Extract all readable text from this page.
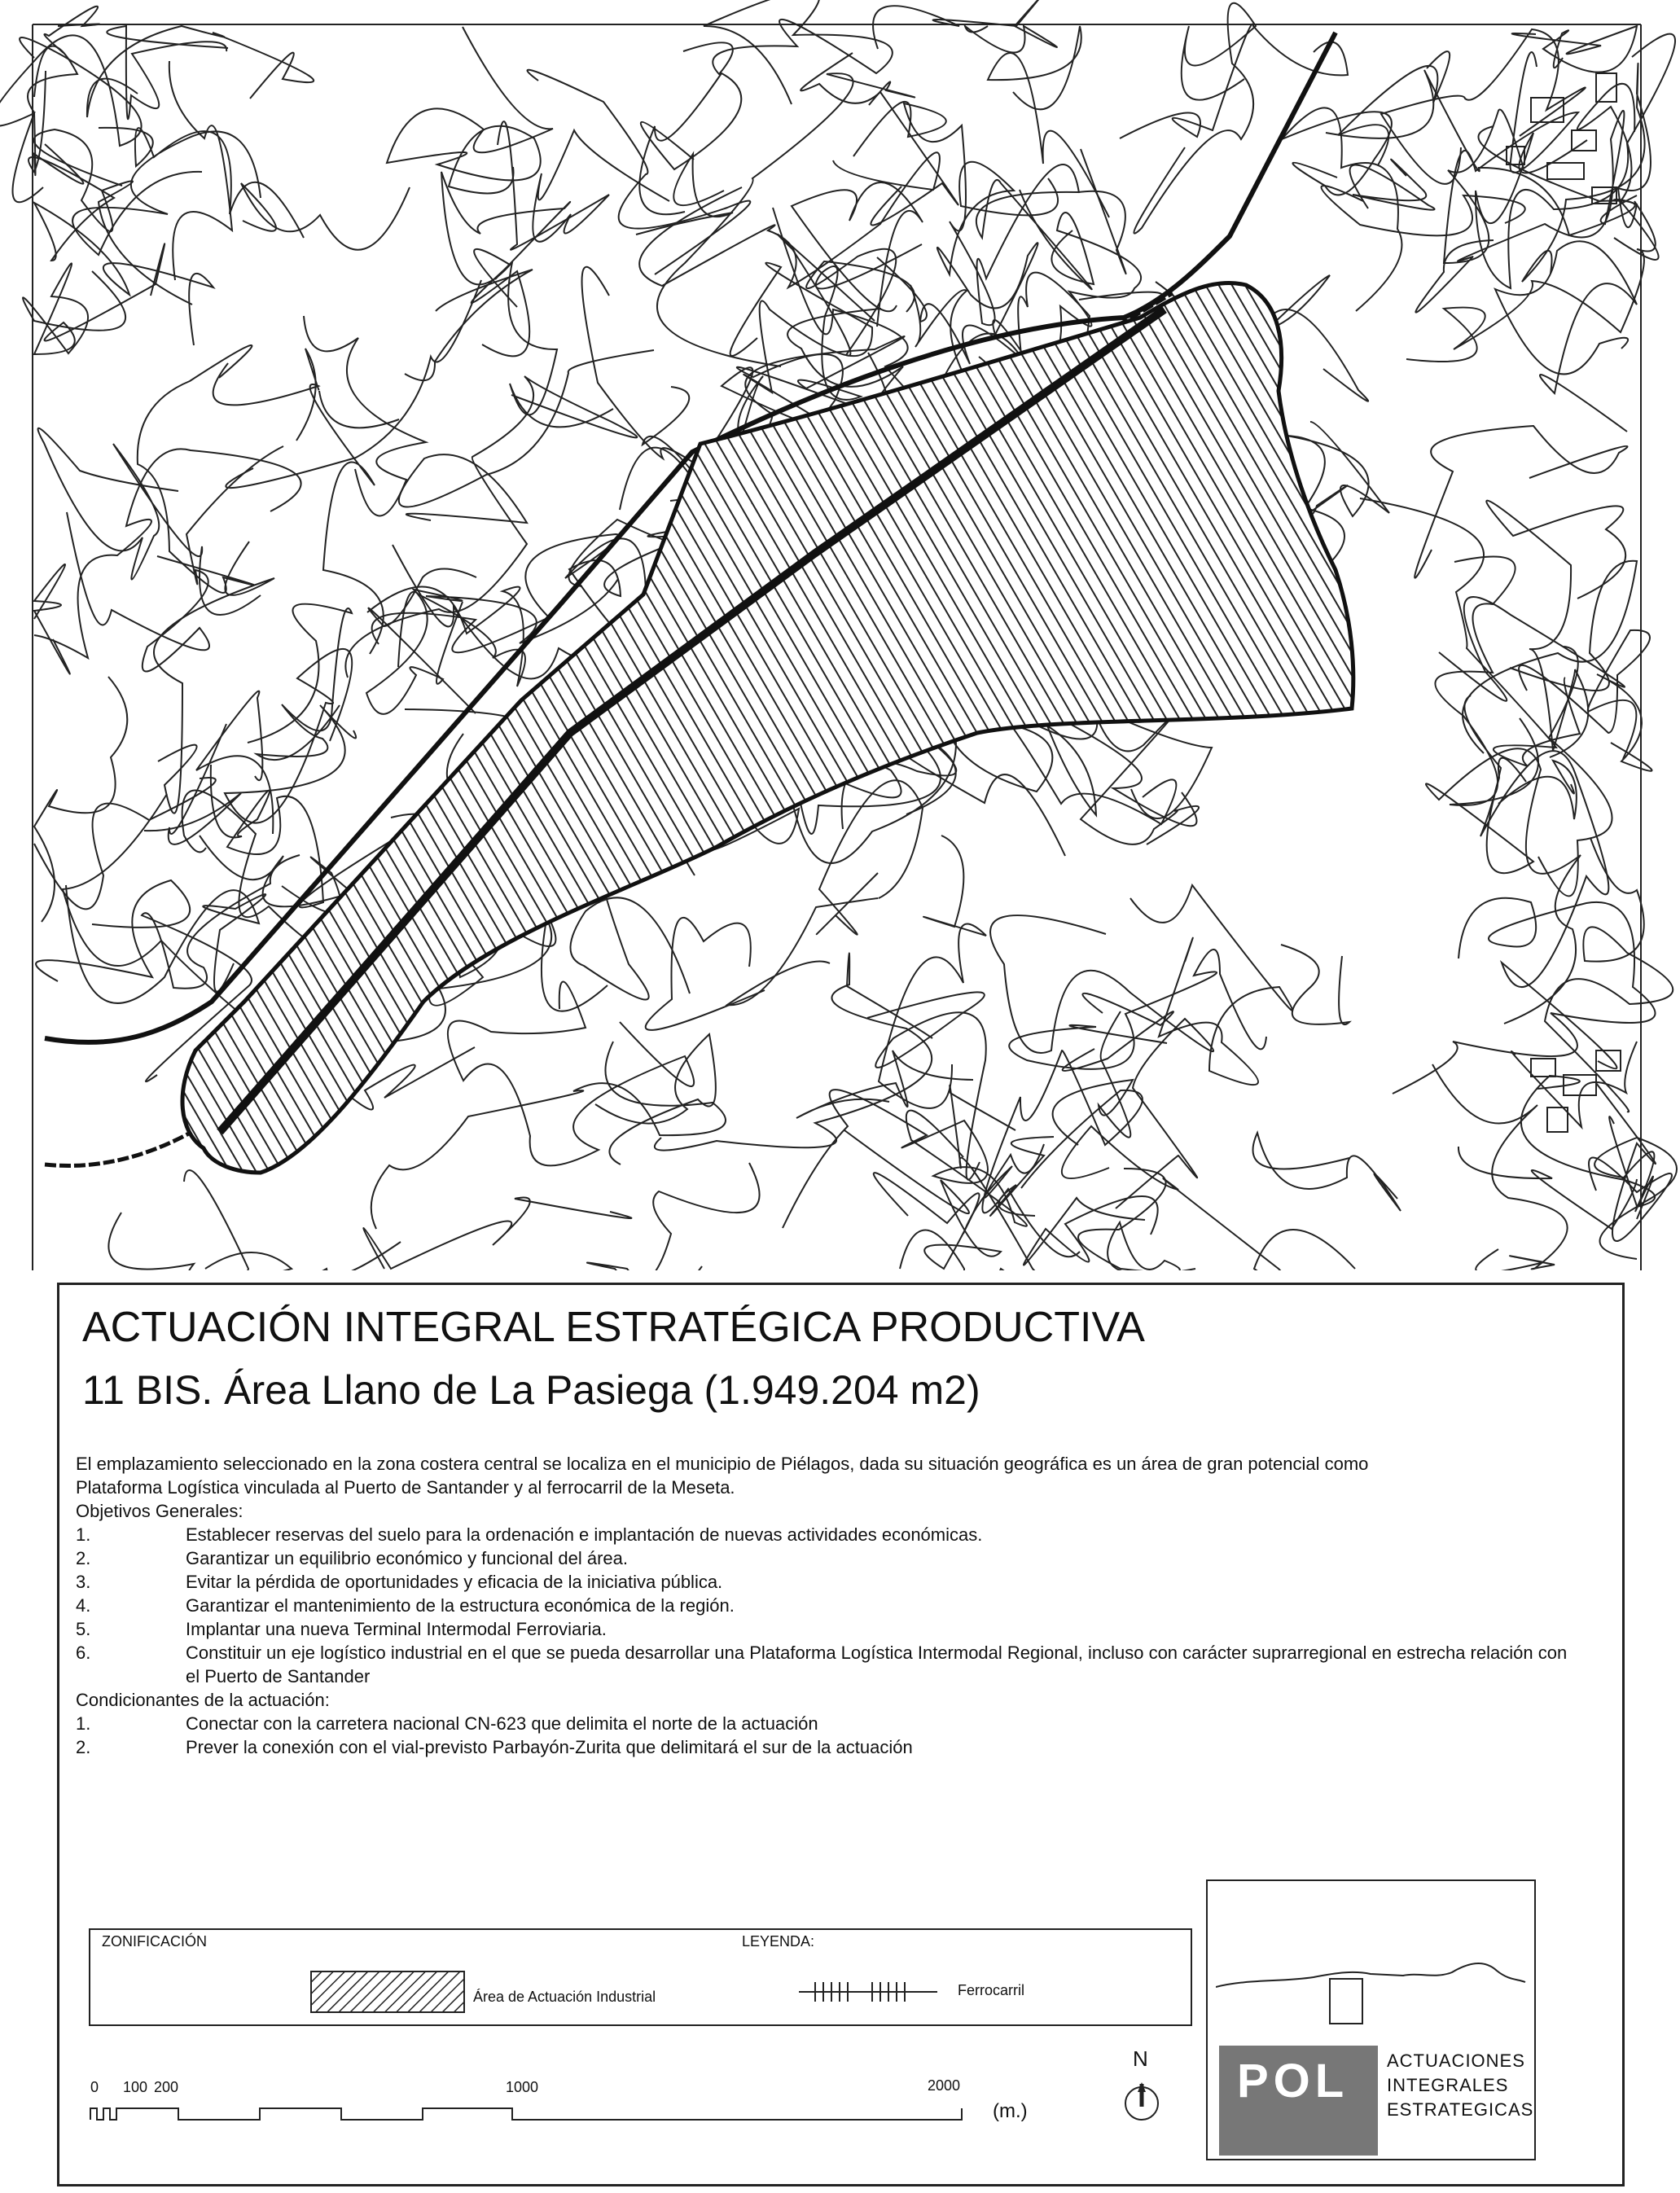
ACTUACIÓN INTEGRAL ESTRATÉGICA PRODUCTIVA
11 BIS. Área Llano de La Pasiega (1.949.204 m2)
El emplazamiento seleccionado en la zona costera central se localiza en el municipio de Piélagos, dada su situación geográfica es un área de gran potencial como
Plataforma Logística vinculada al Puerto de Santander y al ferrocarril de la Meseta.
Objetivos Generales:
1.	Establecer reservas del suelo para la ordenación e implantación de nuevas actividades económicas.
2.	Garantizar un equilibrio económico y funcional del área.
3.	Evitar la pérdida de oportunidades y eficacia de la iniciativa pública.
4.	Garantizar el mantenimiento de la estructura económica de la región.
5.	Implantar una nueva Terminal Intermodal Ferroviaria.
6.	Constituir un eje logístico industrial en el que se pueda desarrollar una Plataforma Logística Intermodal Regional, incluso con carácter suprarregional en estrecha relación con el Puerto de Santander
Condicionantes de la actuación:
1.	Conectar con la carretera nacional CN-623 que delimita el norte de la actuación
2.	Prever la conexión con el vial-previsto Parbayón-Zurita que delimitará el sur de la actuación
ZONIFICACIÓN	LEYENDA:
Área de Actuación Industrial	Ferrocarril
0 100 200	1000	2000
(m.)
N POL ACTUACIONES
INTEGRALES
ESTRATEGICAS
